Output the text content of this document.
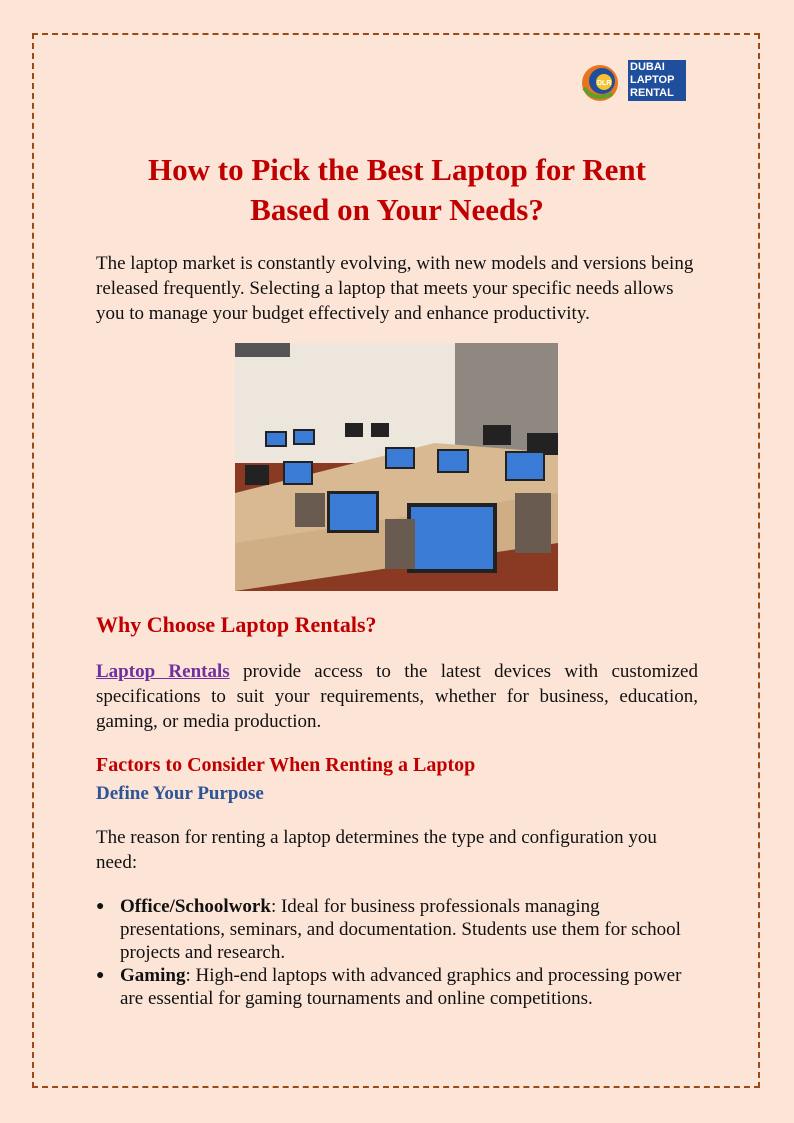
DLR
DUBAI
LAPTOP
RENTAL
How to Pick the Best Laptop for Rent
Based on Your Needs?

The laptop market is constantly evolving, with new models and versions being released frequently. Selecting a laptop that meets your specific needs allows you to manage your budget effectively and enhance productivity.

Why Choose Laptop Rentals?

Laptop Rentals provide access to the latest devices with customized specifications to suit your requirements, whether for business, education, gaming, or media production.

Factors to Consider When Renting a Laptop
Define Your Purpose

The reason for renting a laptop determines the type and configuration you need:

● Office/Schoolwork: Ideal for business professionals managing presentations, seminars, and documentation. Students use them for school projects and research.
● Gaming: High-end laptops with advanced graphics and processing power are essential for gaming tournaments and online competitions.
